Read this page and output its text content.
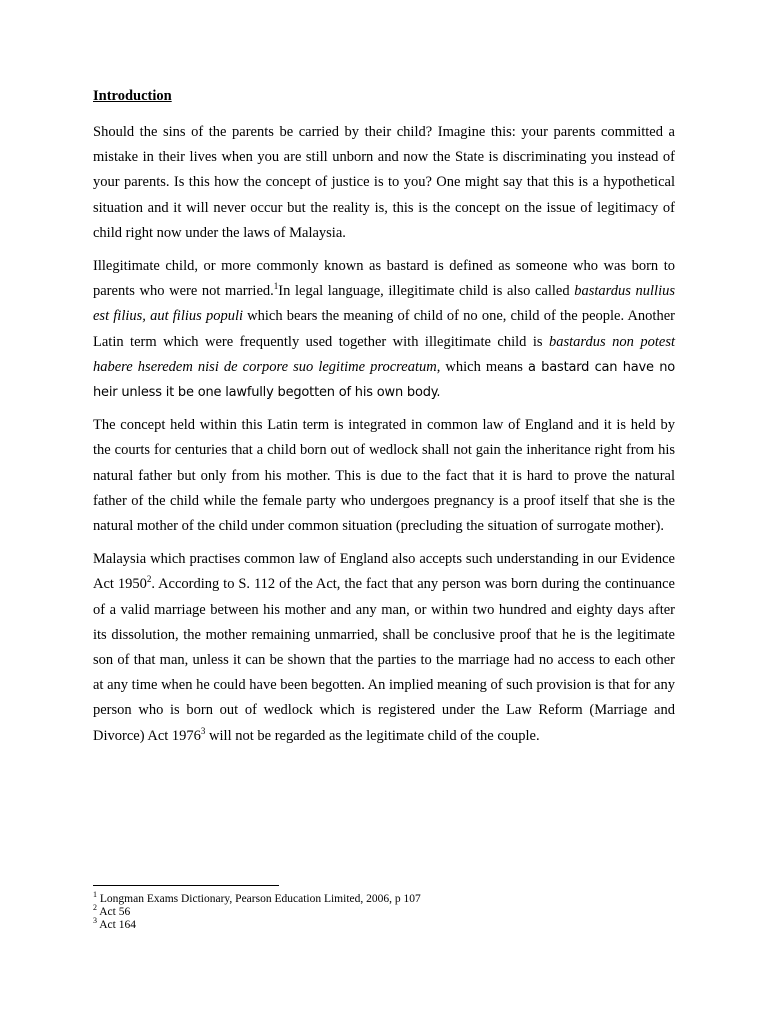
Introduction

Should the sins of the parents be carried by their child? Imagine this: your parents committed a mistake in their lives when you are still unborn and now the State is discriminating you instead of your parents. Is this how the concept of justice is to you? One might say that this is a hypothetical situation and it will never occur but the reality is, this is the concept on the issue of legitimacy of child right now under the laws of Malaysia.

Illegitimate child, or more commonly known as bastard is defined as someone who was born to parents who were not married.$^1$In legal language, illegitimate child is also called bastardus nullius est filius, aut filius populi which bears the meaning of child of no one, child of the people. Another Latin term which were frequently used together with illegitimate child is bastardus non potest habere hseredem nisi de corpore suo legitime procreatum, which means a bastard can have no heir unless it be one lawfully begotten of his own body.

The concept held within this Latin term is integrated in common law of England and it is held by the courts for centuries that a child born out of wedlock shall not gain the inheritance right from his natural father but only from his mother. This is due to the fact that it is hard to prove the natural father of the child while the female party who undergoes pregnancy is a proof itself that she is the natural mother of the child under common situation (precluding the situation of surrogate mother).

Malaysia which practises common law of England also accepts such understanding in our Evidence Act 1950$^2$. According to S. 112 of the Act, the fact that any person was born during the continuance of a valid marriage between his mother and any man, or within two hundred and eighty days after its dissolution, the mother remaining unmarried, shall be conclusive proof that he is the legitimate son of that man, unless it can be shown that the parties to the marriage had no access to each other at any time when he could have been begotten. An implied meaning of such provision is that for any person who is born out of wedlock which is registered under the Law Reform (Marriage and Divorce) Act 1976$^3$ will not be regarded as the legitimate child of the couple.

$^1$ Longman Exams Dictionary, Pearson Education Limited, 2006, p 107
$^2$ Act 56
$^3$ Act 164
